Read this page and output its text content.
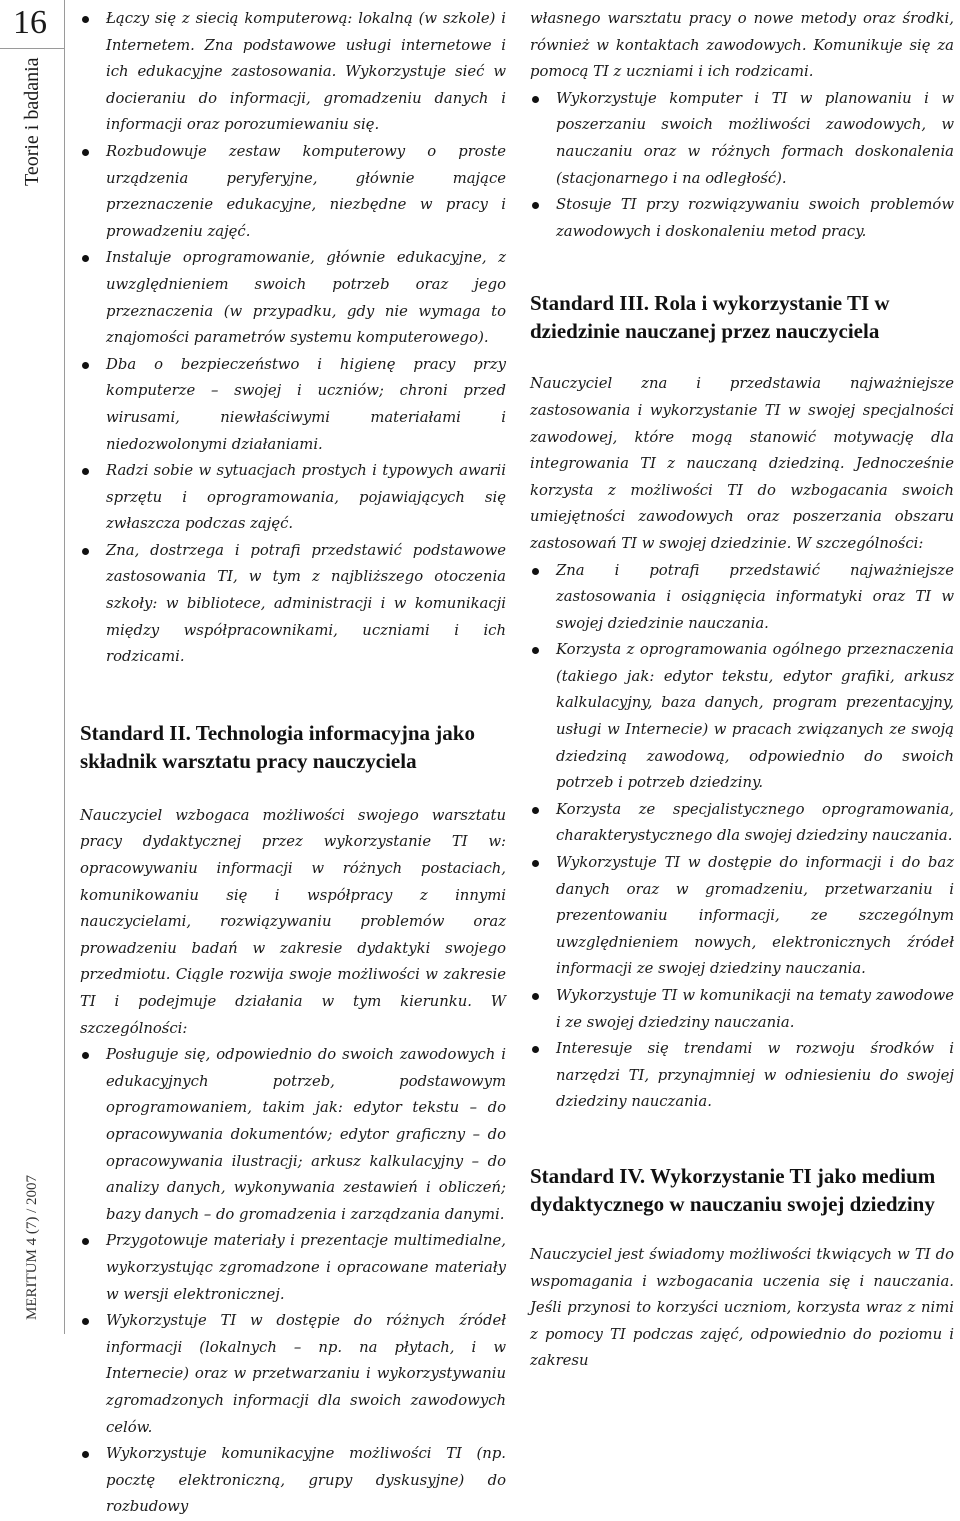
16
Teorie i badania
MERITUM 4 (7) / 2007
Łączy się z siecią komputerową: lokalną (w szkole) i Internetem. Zna podstawowe usługi internetowe i ich edukacyjne zastosowania. Wykorzystuje sieć w docieraniu do informacji, gromadzeniu danych i informacji oraz porozumiewaniu się.
Rozbudowuje zestaw komputerowy o proste urządzenia peryferyjne, głównie mające przeznaczenie edukacyjne, niezbędne w pracy i prowadzeniu zajęć.
Instaluje oprogramowanie, głównie edukacyjne, z uwzględnieniem swoich potrzeb oraz jego przeznaczenia (w przypadku, gdy nie wymaga to znajomości parametrów systemu komputerowego).
Dba o bezpieczeństwo i higienę pracy przy komputerze – swojej i uczniów; chroni przed wirusami, niewłaściwymi materiałami i niedozwolonymi działaniami.
Radzi sobie w sytuacjach prostych i typowych awarii sprzętu i oprogramowania, pojawiających się zwłaszcza podczas zajęć.
Zna, dostrzega i potrafi przedstawić podstawowe zastosowania TI, w tym z najbliższego otoczenia szkoły: w bibliotece, administracji i w komunikacji między współpracownikami, uczniami i ich rodzicami.
Standard II. Technologia informacyjna jako składnik warsztatu pracy nauczyciela

Nauczyciel wzbogaca możliwości swojego warsztatu pracy dydaktycznej przez wykorzystanie TI w: opracowywaniu informacji w różnych postaciach, komunikowaniu się i współpracy z innymi nauczycielami, rozwiązywaniu problemów oraz prowadzeniu badań w zakresie dydaktyki swojego przedmiotu. Ciągle rozwija swoje możliwości w zakresie TI i podejmuje działania w tym kierunku. W szczególności:

Posługuje się, odpowiednio do swoich zawodowych i edukacyjnych potrzeb, podstawowym oprogramowaniem, takim jak: edytor tekstu – do opracowywania dokumentów; edytor graficzny – do opracowywania ilustracji; arkusz kalkulacyjny – do analizy danych, wykonywania zestawień i obliczeń; bazy danych – do gromadzenia i zarządzania danymi.
Przygotowuje materiały i prezentacje multimedialne, wykorzystując zgromadzone i opracowane materiały w wersji elektronicznej.
Wykorzystuje TI w dostępie do różnych źródeł informacji (lokalnych – np. na płytach, i w Internecie) oraz w przetwarzaniu i wykorzystywaniu zgromadzonych informacji dla swoich zawodowych celów.
Wykorzystuje komunikacyjne możliwości TI (np. pocztę elektroniczną, grupy dyskusyjne) do rozbudowy

własnego warsztatu pracy o nowe metody oraz środki, również w kontaktach zawodowych. Komunikuje się za pomocą TI z uczniami i ich rodzicami.

Wykorzystuje komputer i TI w planowaniu i w poszerzaniu swoich możliwości zawodowych, w nauczaniu oraz w różnych formach doskonalenia (stacjonarnego i na odległość).
Stosuje TI przy rozwiązywaniu swoich problemów zawodowych i doskonaleniu metod pracy.
Standard III. Rola i wykorzystanie TI w dziedzinie nauczanej przez nauczyciela

Nauczyciel zna i przedstawia najważniejsze zastosowania i wykorzystanie TI w swojej specjalności zawodowej, które mogą stanowić motywację dla integrowania TI z nauczaną dziedziną. Jednocześnie korzysta z możliwości TI do wzbogacania swoich umiejętności zawodowych oraz poszerzania obszaru zastosowań TI w swojej dziedzinie. W szczególności:

Zna i potrafi przedstawić najważniejsze zastosowania i osiągnięcia informatyki oraz TI w swojej dziedzinie nauczania.
Korzysta z oprogramowania ogólnego przeznaczenia (takiego jak: edytor tekstu, edytor grafiki, arkusz kalkulacyjny, baza danych, program prezentacyjny, usługi w Internecie) w pracach związanych ze swoją dziedziną zawodową, odpowiednio do swoich potrzeb i potrzeb dziedziny.
Korzysta ze specjalistycznego oprogramowania, charakterystycznego dla swojej dziedziny nauczania.
Wykorzystuje TI w dostępie do informacji i do baz danych oraz w gromadzeniu, przetwarzaniu i prezentowaniu informacji, ze szczególnym uwzględnieniem nowych, elektronicznych źródeł informacji ze swojej dziedziny nauczania.
Wykorzystuje TI w komunikacji na tematy zawodowe i ze swojej dziedziny nauczania.
Interesuje się trendami w rozwoju środków i narzędzi TI, przynajmniej w odniesieniu do swojej dziedziny nauczania.
Standard IV. Wykorzystanie TI jako medium dydaktycznego w nauczaniu swojej dziedziny

Nauczyciel jest świadomy możliwości tkwiących w TI do wspomagania i wzbogacania uczenia się i nauczania. Jeśli przynosi to korzyści uczniom, korzysta wraz z nimi z pomocy TI podczas zajęć, odpowiednio do poziomu i zakresu
